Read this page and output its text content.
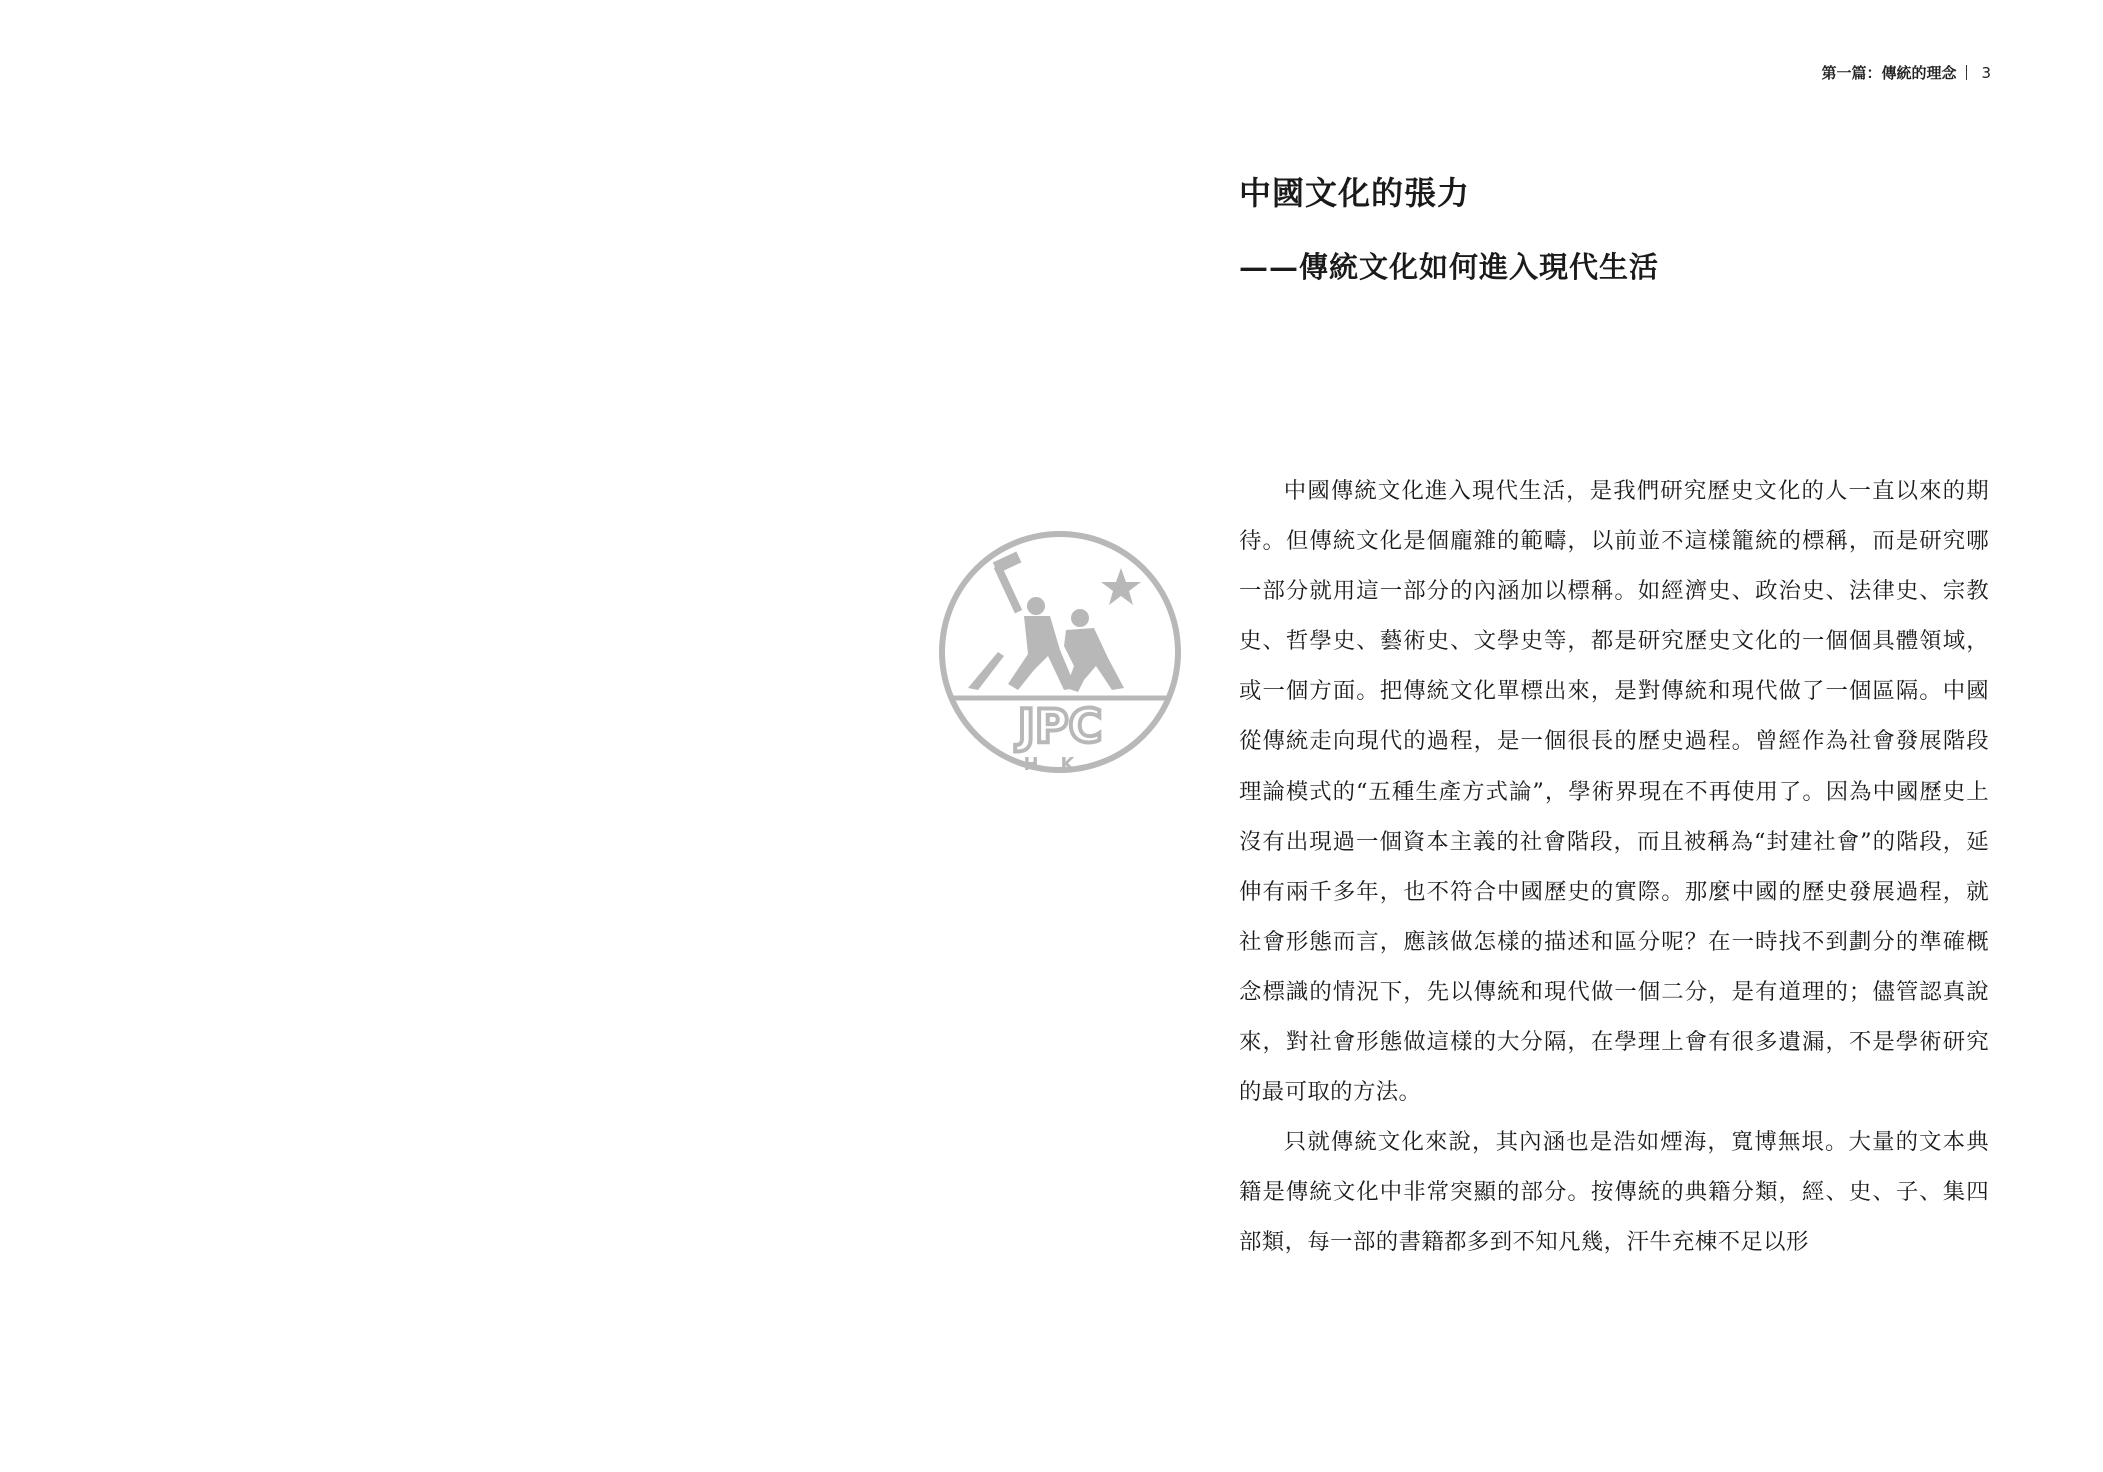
JPC
HK
第一篇：傳統的理念 3
中國文化的張力
——傳統文化如何進入現代生活

中國傳統文化進入現代生活，是我們研究歷史文化的人一直以來的期待。但傳統文化是個龐雜的範疇，以前並不這樣籠統的標稱，而是研究哪一部分就用這一部分的內涵加以標稱。如經濟史、政治史、法律史、宗教史、哲學史、藝術史、文學史等，都是研究歷史文化的一個個具體領域，或一個方面。把傳統文化單標出來，是對傳統和現代做了一個區隔。中國從傳統走向現代的過程，是一個很長的歷史過程。曾經作為社會發展階段理論模式的“五種生產方式論”，學術界現在不再使用了。因為中國歷史上沒有出現過一個資本主義的社會階段，而且被稱為“封建社會”的階段，延伸有兩千多年，也不符合中國歷史的實際。那麼中國的歷史發展過程，就社會形態而言，應該做怎樣的描述和區分呢？在一時找不到劃分的準確概念標識的情況下，先以傳統和現代做一個二分，是有道理的；儘管認真說來，對社會形態做這樣的大分隔，在學理上會有很多遺漏，不是學術研究的最可取的方法。

只就傳統文化來說，其內涵也是浩如煙海，寬博無垠。大量的文本典籍是傳統文化中非常突顯的部分。按傳統的典籍分類，經、史、子、集四部類，每一部的書籍都多到不知凡幾，汗牛充棟不足以形
